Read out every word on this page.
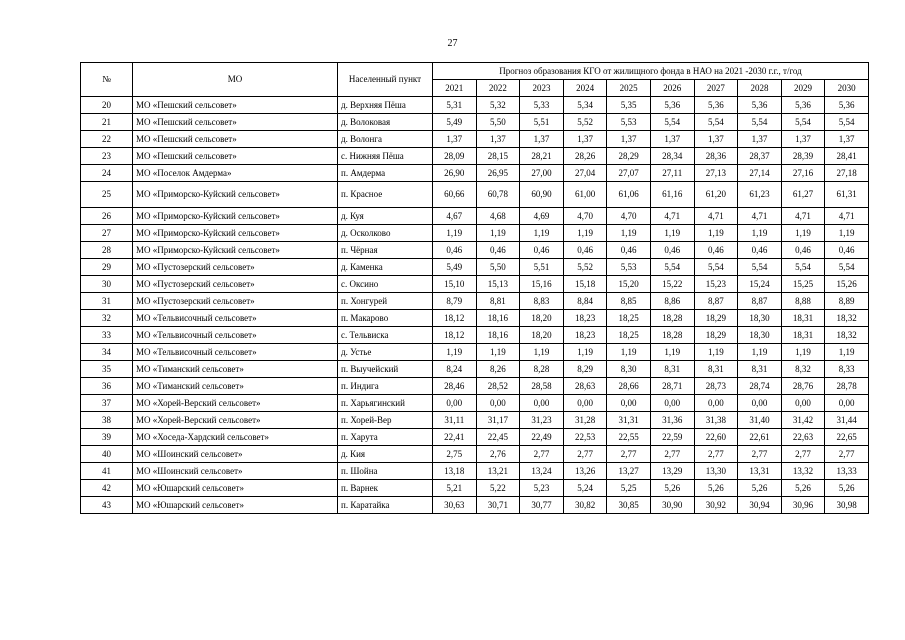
27
№	МО	Населенный пункт	Прогноз образования КГО от жилищного фонда в НАО на 2021 -2030 г.г., т/год									
			2021	2022	2023	2024	2025	2026	2027	2028	2029	2030
20	МО «Пешский сельсовет»	д. Верхняя Пёша	5,31	5,32	5,33	5,34	5,35	5,36	5,36	5,36	5,36	5,36
21	МО «Пешский сельсовет»	д. Волоковая	5,49	5,50	5,51	5,52	5,53	5,54	5,54	5,54	5,54	5,54
22	МО «Пешский сельсовет»	д. Волонга	1,37	1,37	1,37	1,37	1,37	1,37	1,37	1,37	1,37	1,37
23	МО «Пешский сельсовет»	с. Нижняя Пёша	28,09	28,15	28,21	28,26	28,29	28,34	28,36	28,37	28,39	28,41
24	МО «Поселок Амдерма»	п. Амдерма	26,90	26,95	27,00	27,04	27,07	27,11	27,13	27,14	27,16	27,18
25	МО «Приморско-Куйский сельсовет»	п. Красное	60,66	60,78	60,90	61,00	61,06	61,16	61,20	61,23	61,27	61,31
26	МО «Приморско-Куйский сельсовет»	д. Куя	4,67	4,68	4,69	4,70	4,70	4,71	4,71	4,71	4,71	4,71
27	МО «Приморско-Куйский сельсовет»	д. Осколково	1,19	1,19	1,19	1,19	1,19	1,19	1,19	1,19	1,19	1,19
28	МО «Приморско-Куйский сельсовет»	п. Чёрная	0,46	0,46	0,46	0,46	0,46	0,46	0,46	0,46	0,46	0,46
29	МО «Пустозерский сельсовет»	д. Каменка	5,49	5,50	5,51	5,52	5,53	5,54	5,54	5,54	5,54	5,54
30	МО «Пустозерский сельсовет»	с. Оксино	15,10	15,13	15,16	15,18	15,20	15,22	15,23	15,24	15,25	15,26
31	МО «Пустозерский сельсовет»	п. Хонгурей	8,79	8,81	8,83	8,84	8,85	8,86	8,87	8,87	8,88	8,89
32	МО «Тельвисочный сельсовет»	п. Макарово	18,12	18,16	18,20	18,23	18,25	18,28	18,29	18,30	18,31	18,32
33	МО «Тельвисочный сельсовет»	с. Тельвиска	18,12	18,16	18,20	18,23	18,25	18,28	18,29	18,30	18,31	18,32
34	МО «Тельвисочный сельсовет»	д. Устье	1,19	1,19	1,19	1,19	1,19	1,19	1,19	1,19	1,19	1,19
35	МО «Тиманский сельсовет»	п. Выучейский	8,24	8,26	8,28	8,29	8,30	8,31	8,31	8,31	8,32	8,33
36	МО «Тиманский сельсовет»	п. Индига	28,46	28,52	28,58	28,63	28,66	28,71	28,73	28,74	28,76	28,78
37	МО «Хорей-Верский сельсовет»	п. Харьягинский	0,00	0,00	0,00	0,00	0,00	0,00	0,00	0,00	0,00	0,00
38	МО «Хорей-Верский сельсовет»	п. Хорей-Вер	31,11	31,17	31,23	31,28	31,31	31,36	31,38	31,40	31,42	31,44
39	МО «Хоседа-Хардский сельсовет»	п. Харута	22,41	22,45	22,49	22,53	22,55	22,59	22,60	22,61	22,63	22,65
40	МО «Шоинский сельсовет»	д. Кия	2,75	2,76	2,77	2,77	2,77	2,77	2,77	2,77	2,77	2,77
41	МО «Шоинский сельсовет»	п. Шойна	13,18	13,21	13,24	13,26	13,27	13,29	13,30	13,31	13,32	13,33
42	МО «Юшарский сельсовет»	п. Варнек	5,21	5,22	5,23	5,24	5,25	5,26	5,26	5,26	5,26	5,26
43	МО «Юшарский сельсовет»	п. Каратайка	30,63	30,71	30,77	30,82	30,85	30,90	30,92	30,94	30,96	30,98
